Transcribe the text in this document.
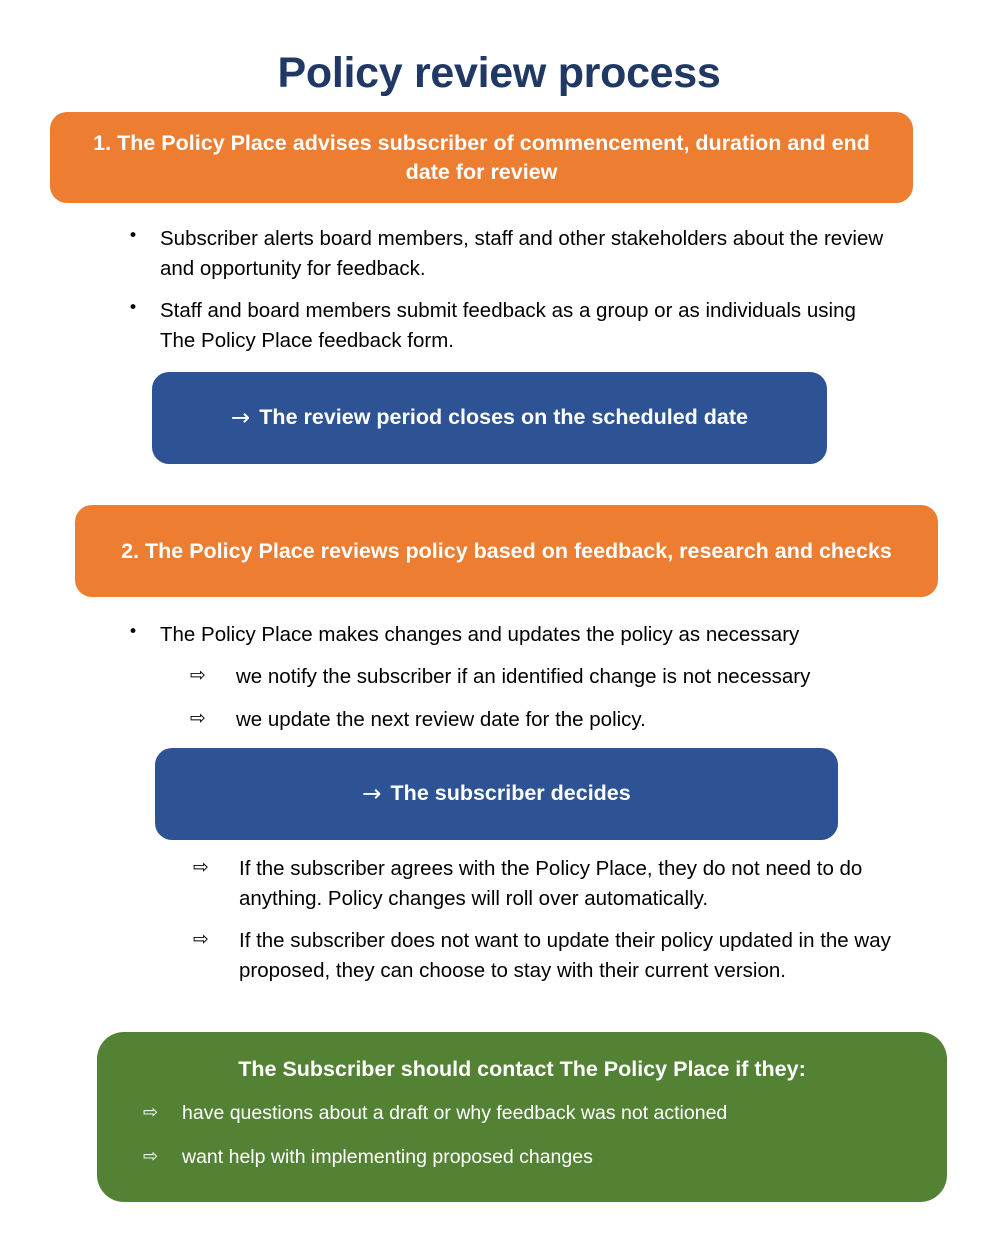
Policy review process
1. The Policy Place advises subscriber of commencement, duration and end date for review
• Subscriber alerts board members, staff and other stakeholders about the review and opportunity for feedback.
• Staff and board members submit feedback as a group or as individuals using The Policy Place feedback form.
→ The review period closes on the scheduled date
2. The Policy Place reviews policy based on feedback, research and checks
• The Policy Place makes changes and updates the policy as necessary
⇨ we notify the subscriber if an identified change is not necessary
⇨ we update the next review date for the policy.
→ The subscriber decides
⇨ If the subscriber agrees with the Policy Place, they do not need to do anything. Policy changes will roll over automatically.
⇨ If the subscriber does not want to update their policy updated in the way proposed, they can choose to stay with their current version.
The Subscriber should contact The Policy Place if they:
⇨ have questions about a draft or why feedback was not actioned
⇨ want help with implementing proposed changes
